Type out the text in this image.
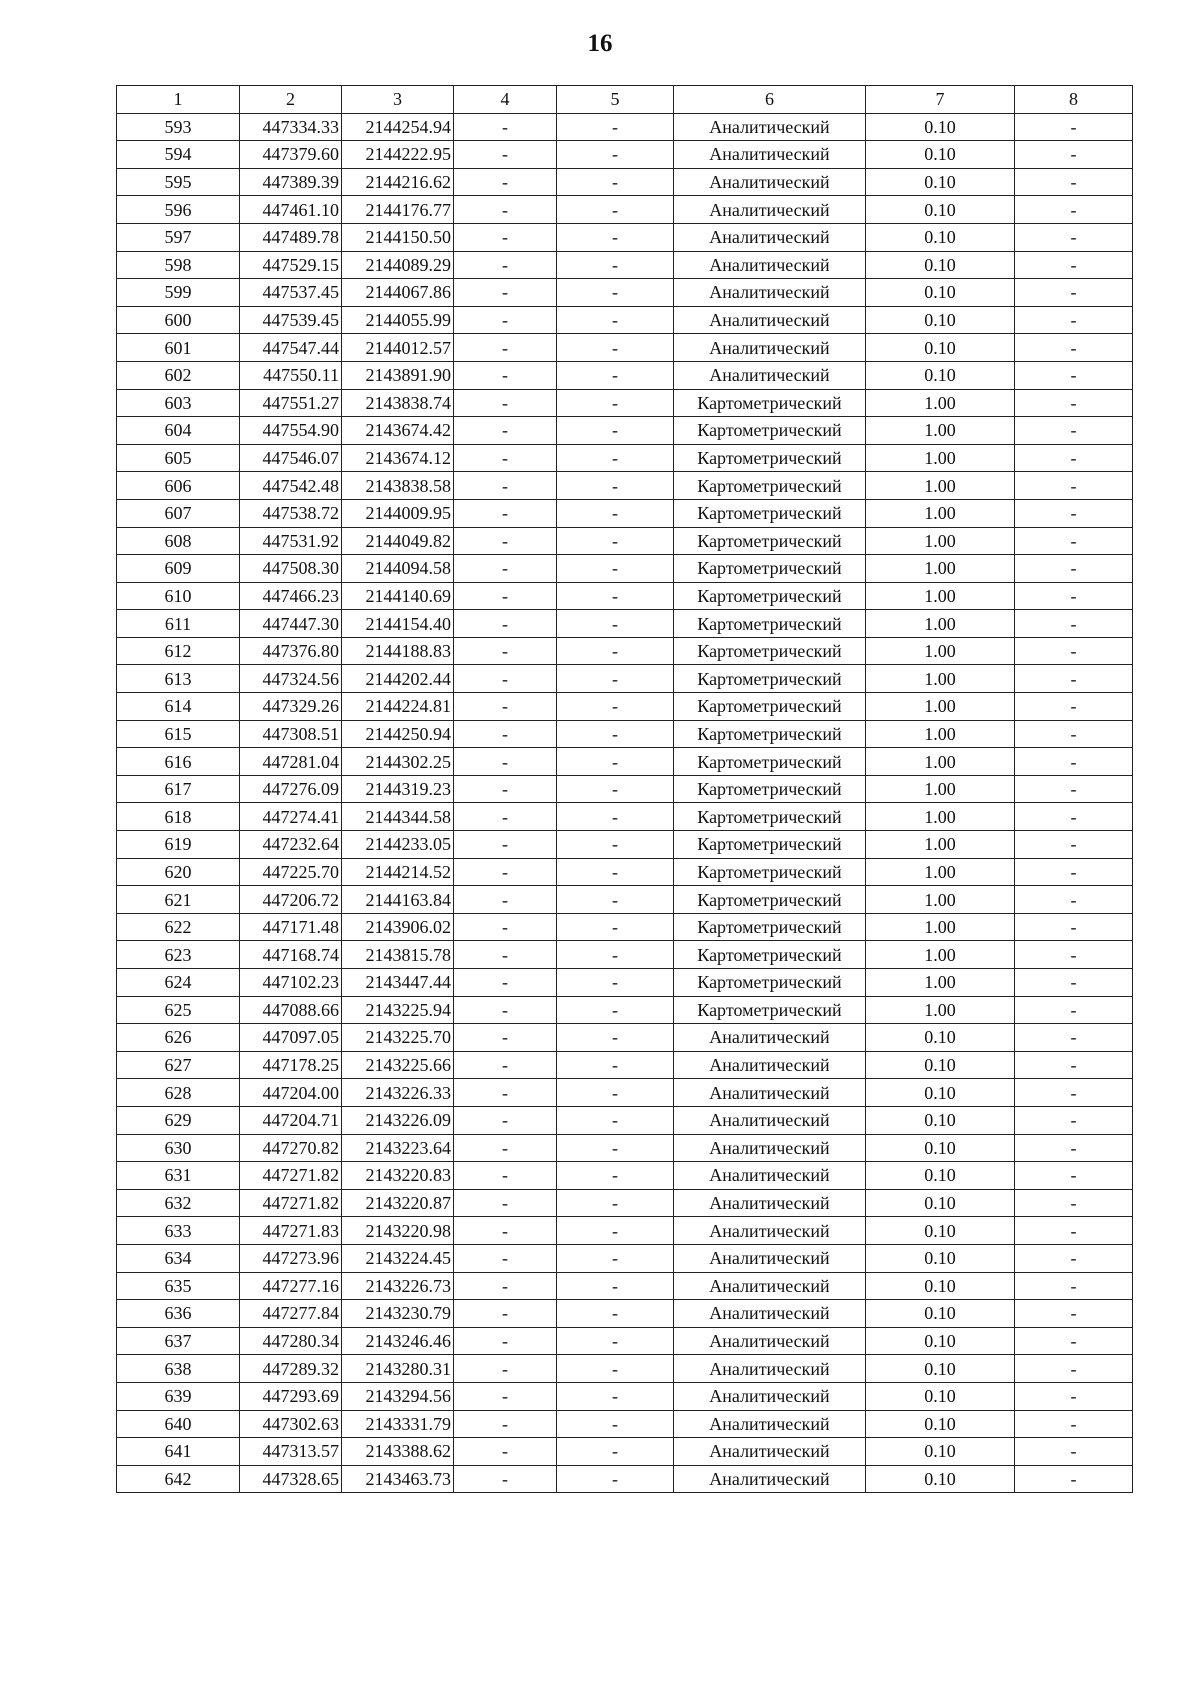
16
1	2	3	4	5	6	7	8
593	447334.33	2144254.94	-	-	Аналитический	0.10	-
594	447379.60	2144222.95	-	-	Аналитический	0.10	-
595	447389.39	2144216.62	-	-	Аналитический	0.10	-
596	447461.10	2144176.77	-	-	Аналитический	0.10	-
597	447489.78	2144150.50	-	-	Аналитический	0.10	-
598	447529.15	2144089.29	-	-	Аналитический	0.10	-
599	447537.45	2144067.86	-	-	Аналитический	0.10	-
600	447539.45	2144055.99	-	-	Аналитический	0.10	-
601	447547.44	2144012.57	-	-	Аналитический	0.10	-
602	447550.11	2143891.90	-	-	Аналитический	0.10	-
603	447551.27	2143838.74	-	-	Картометрический	1.00	-
604	447554.90	2143674.42	-	-	Картометрический	1.00	-
605	447546.07	2143674.12	-	-	Картометрический	1.00	-
606	447542.48	2143838.58	-	-	Картометрический	1.00	-
607	447538.72	2144009.95	-	-	Картометрический	1.00	-
608	447531.92	2144049.82	-	-	Картометрический	1.00	-
609	447508.30	2144094.58	-	-	Картометрический	1.00	-
610	447466.23	2144140.69	-	-	Картометрический	1.00	-
611	447447.30	2144154.40	-	-	Картометрический	1.00	-
612	447376.80	2144188.83	-	-	Картометрический	1.00	-
613	447324.56	2144202.44	-	-	Картометрический	1.00	-
614	447329.26	2144224.81	-	-	Картометрический	1.00	-
615	447308.51	2144250.94	-	-	Картометрический	1.00	-
616	447281.04	2144302.25	-	-	Картометрический	1.00	-
617	447276.09	2144319.23	-	-	Картометрический	1.00	-
618	447274.41	2144344.58	-	-	Картометрический	1.00	-
619	447232.64	2144233.05	-	-	Картометрический	1.00	-
620	447225.70	2144214.52	-	-	Картометрический	1.00	-
621	447206.72	2144163.84	-	-	Картометрический	1.00	-
622	447171.48	2143906.02	-	-	Картометрический	1.00	-
623	447168.74	2143815.78	-	-	Картометрический	1.00	-
624	447102.23	2143447.44	-	-	Картометрический	1.00	-
625	447088.66	2143225.94	-	-	Картометрический	1.00	-
626	447097.05	2143225.70	-	-	Аналитический	0.10	-
627	447178.25	2143225.66	-	-	Аналитический	0.10	-
628	447204.00	2143226.33	-	-	Аналитический	0.10	-
629	447204.71	2143226.09	-	-	Аналитический	0.10	-
630	447270.82	2143223.64	-	-	Аналитический	0.10	-
631	447271.82	2143220.83	-	-	Аналитический	0.10	-
632	447271.82	2143220.87	-	-	Аналитический	0.10	-
633	447271.83	2143220.98	-	-	Аналитический	0.10	-
634	447273.96	2143224.45	-	-	Аналитический	0.10	-
635	447277.16	2143226.73	-	-	Аналитический	0.10	-
636	447277.84	2143230.79	-	-	Аналитический	0.10	-
637	447280.34	2143246.46	-	-	Аналитический	0.10	-
638	447289.32	2143280.31	-	-	Аналитический	0.10	-
639	447293.69	2143294.56	-	-	Аналитический	0.10	-
640	447302.63	2143331.79	-	-	Аналитический	0.10	-
641	447313.57	2143388.62	-	-	Аналитический	0.10	-
642	447328.65	2143463.73	-	-	Аналитический	0.10	-
